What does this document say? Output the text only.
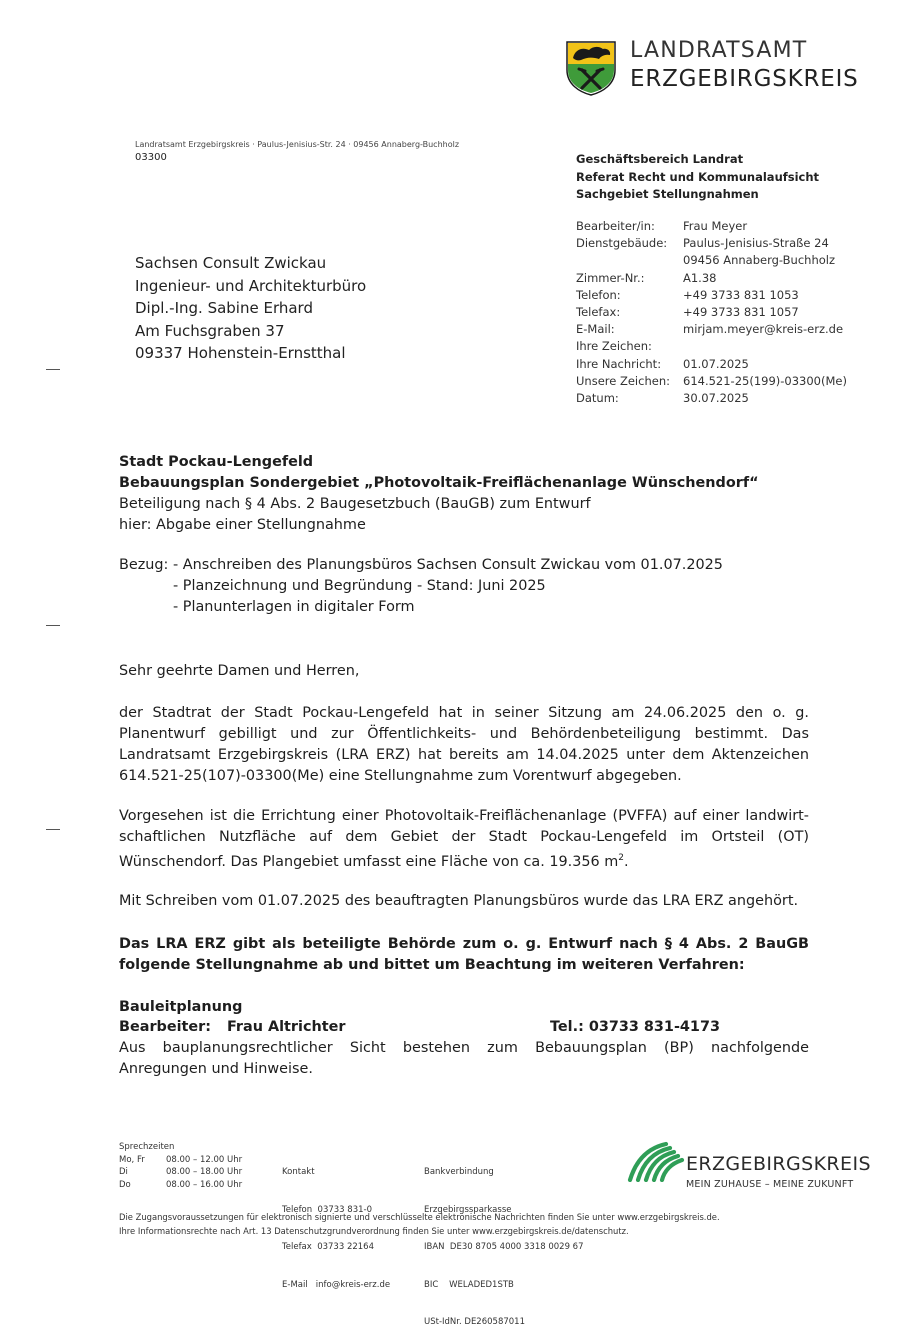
LANDRATSAMT
ERZGEBIRGSKREIS
Landratsamt Erzgebirgskreis · Paulus-Jenisius-Str. 24 · 09456 Annaberg-Buchholz
03300
Sachsen Consult Zwickau
Ingenieur- und Architekturbüro
Dipl.-Ing. Sabine Erhard
Am Fuchsgraben 37
09337 Hohenstein-Ernstthal
Geschäftsbereich Landrat
Referat Recht und Kommunalaufsicht
Sachgebiet Stellungnahmen
Bearbeiter/in: Frau Meyer
Dienstgebäude: Paulus-Jenisius-Straße 24
09456 Annaberg-Buchholz
Zimmer-Nr.:	A1.38
Telefon:	+49 3733 831 1053
Telefax:	+49 3733 831 1057
E-Mail:	mirjam.meyer@kreis-erz.de
Ihre Zeichen:
Ihre Nachricht: 01.07.2025
Unsere Zeichen: 614.521-25(199)-03300(Me)
Datum:	30.07.2025
Stadt Pockau-Lengefeld
Bebauungsplan Sondergebiet „Photovoltaik-Freiflächenanlage Wünschendorf“
Beteiligung nach § 4 Abs. 2 Baugesetzbuch (BauGB) zum Entwurf
hier: Abgabe einer Stellungnahme
Bezug: - Anschreiben des Planungsbüros Sachsen Consult Zwickau vom 01.07.2025
- Planzeichnung und Begründung - Stand: Juni 2025
- Planunterlagen in digitaler Form
Sehr geehrte Damen und Herren,
der Stadtrat der Stadt Pockau-Lengefeld hat in seiner Sitzung am 24.06.2025 den o. g. Planentwurf gebilligt und zur Öffentlichkeits- und Behördenbeteiligung bestimmt. Das Landratsamt Erzgebirgskreis (LRA ERZ) hat bereits am 14.04.2025 unter dem Aktenzeichen 614.521-25(107)-03300(Me) eine Stellungnahme zum Vorentwurf abgegeben.
Vorgesehen ist die Errichtung einer Photovoltaik-Freiflächenanlage (PVFFA) auf einer landwirtschaftlichen Nutzfläche auf dem Gebiet der Stadt Pockau-Lengefeld im Ortsteil (OT) Wünschendorf. Das Plangebiet umfasst eine Fläche von ca. 19.356 $m^2$.
Mit Schreiben vom 01.07.2025 des beauftragten Planungsbüros wurde das LRA ERZ angehört.
Das LRA ERZ gibt als beteiligte Behörde zum o. g. Entwurf nach § 4 Abs. 2 BauGB folgende Stellungnahme ab und bittet um Beachtung im weiteren Verfahren:
Bauleitplanung
Bearbeiter: Frau Altrichter	Tel.: 03733 831-4173
Aus bauplanungsrechtlicher Sicht bestehen zum Bebauungsplan (BP) nachfolgende Anregungen und Hinweise.
Sprechzeiten
Mo, Fr	08.00 – 12.00 Uhr
Di	08.00 – 18.00 Uhr
Do	08.00 – 16.00 Uhr

Kontakt

Telefon  03733 831-0

Telefax  03733 22164

E-Mail   info@kreis-erz.de

Bankverbindung

Erzgebirgssparkasse

IBAN  DE30 8705 4000 3318 0029 67

BIC    WELADED1STB

USt-IdNr. DE260587011

ERZGEBIRGSKREIS
MEIN ZUHAUSE – MEINE ZUKUNFT
Die Zugangsvoraussetzungen für elektronisch signierte und verschlüsselte elektronische Nachrichten finden Sie unter www.erzgebirgskreis.de.
Ihre Informationsrechte nach Art. 13 Datenschutzgrundverordnung finden Sie unter www.erzgebirgskreis.de/datenschutz.
